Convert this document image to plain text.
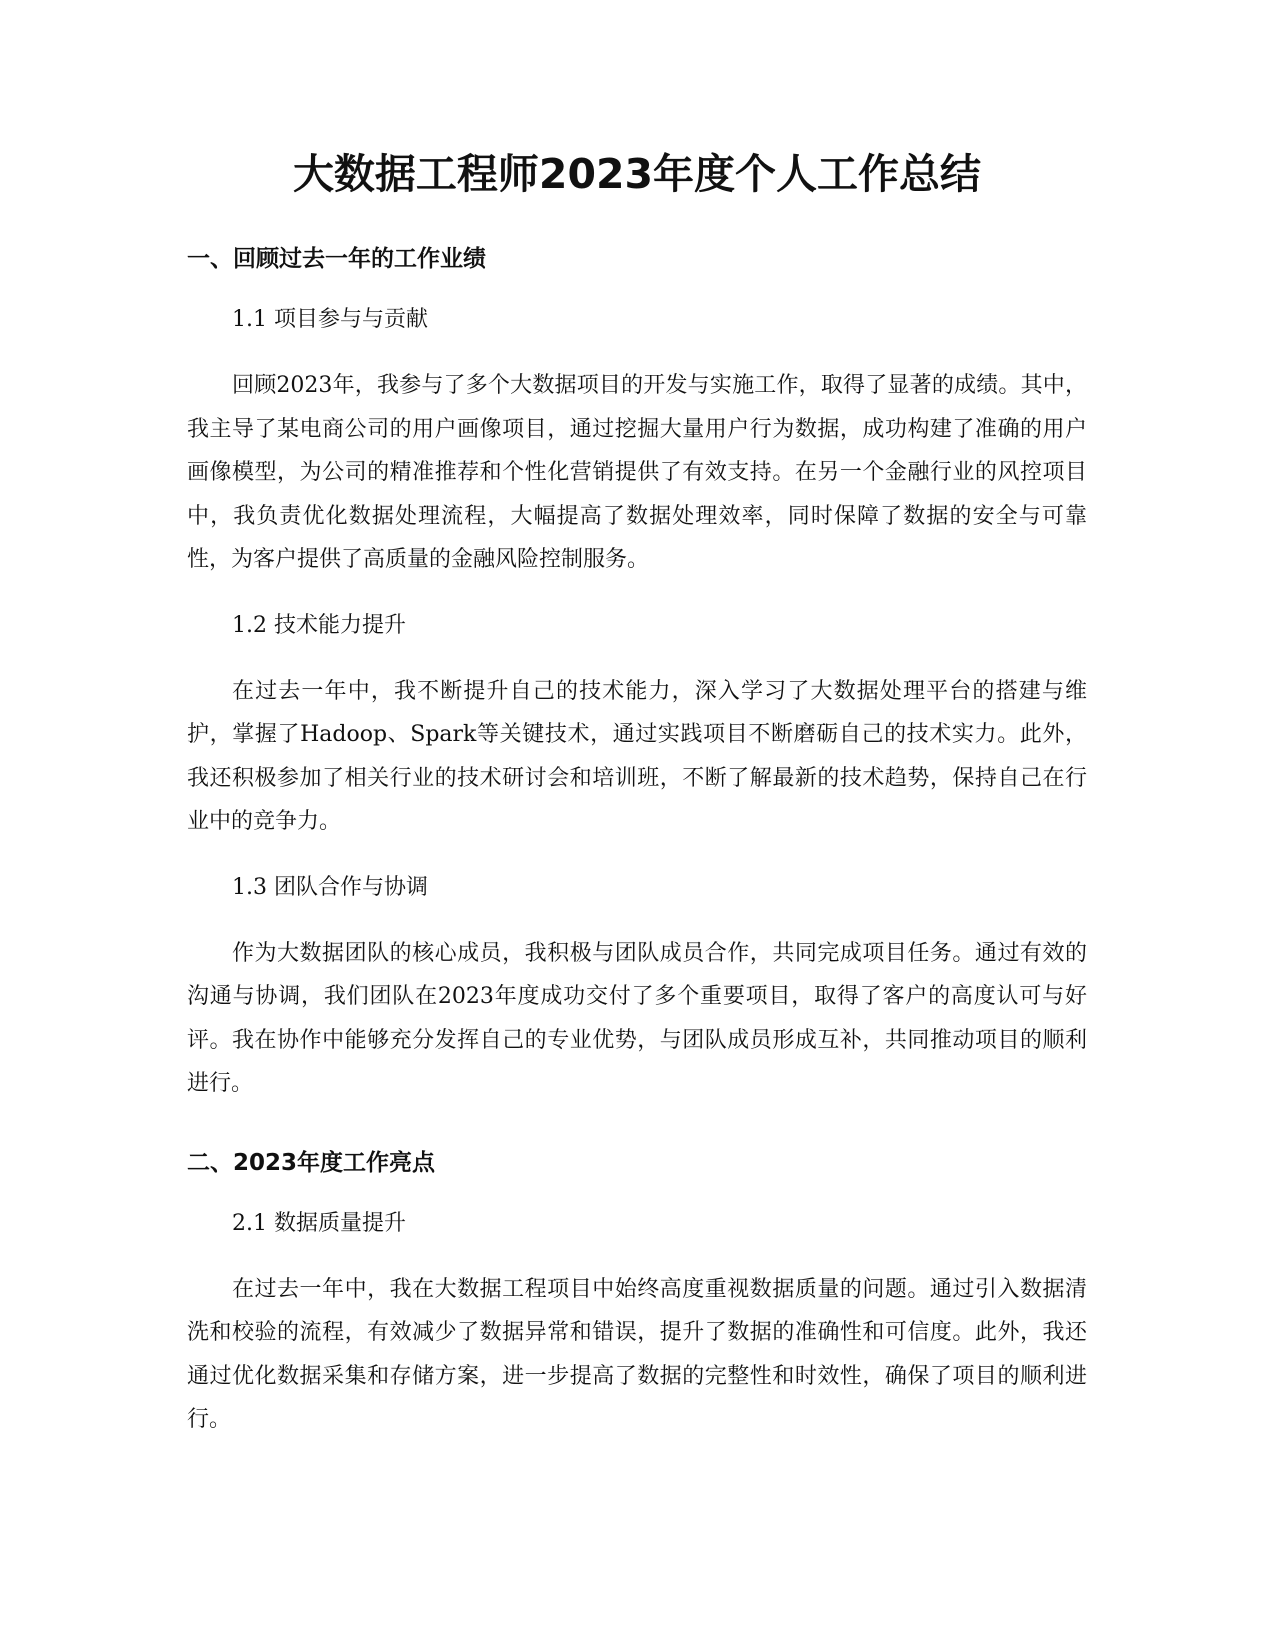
大数据工程师2023年度个人工作总结
一、回顾过去一年的工作业绩
1.1 项目参与与贡献

回顾2023年，我参与了多个大数据项目的开发与实施工作，取得了显著的成绩。其中，我主导了某电商公司的用户画像项目，通过挖掘大量用户行为数据，成功构建了准确的用户画像模型，为公司的精准推荐和个性化营销提供了有效支持。在另一个金融行业的风控项目中，我负责优化数据处理流程，大幅提高了数据处理效率，同时保障了数据的安全与可靠性，为客户提供了高质量的金融风险控制服务。

1.2 技术能力提升

在过去一年中，我不断提升自己的技术能力，深入学习了大数据处理平台的搭建与维护，掌握了Hadoop、Spark等关键技术，通过实践项目不断磨砺自己的技术实力。此外，我还积极参加了相关行业的技术研讨会和培训班，不断了解最新的技术趋势，保持自己在行业中的竞争力。

1.3 团队合作与协调

作为大数据团队的核心成员，我积极与团队成员合作，共同完成项目任务。通过有效的沟通与协调，我们团队在2023年度成功交付了多个重要项目，取得了客户的高度认可与好评。我在协作中能够充分发挥自己的专业优势，与团队成员形成互补，共同推动项目的顺利进行。

二、2023年度工作亮点
2.1 数据质量提升

在过去一年中，我在大数据工程项目中始终高度重视数据质量的问题。通过引入数据清洗和校验的流程，有效减少了数据异常和错误，提升了数据的准确性和可信度。此外，我还通过优化数据采集和存储方案，进一步提高了数据的完整性和时效性，确保了项目的顺利进行。
